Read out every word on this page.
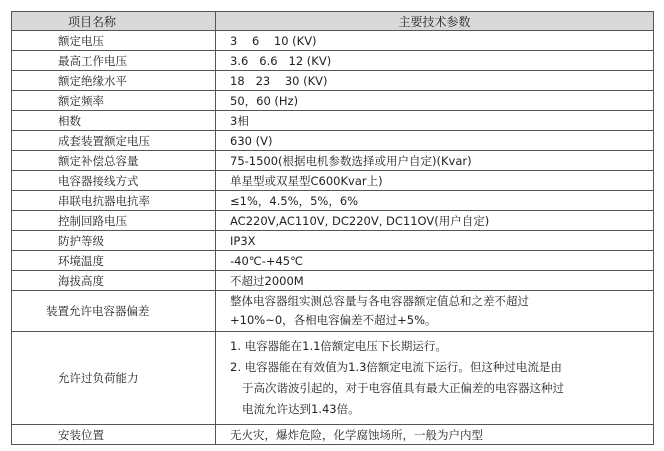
项目名称	主要技术参数
额定电压	3    6    10 (KV)
最高工作电压	3.6   6.6   12 (KV)
额定绝缘水平	18   23    30 (KV)
额定频率	50，60 (Hz)
相数	3相
成套装置额定电压	630 (V)
额定补偿总容量	75-1500(根据电机参数选择或用户自定)(Kvar)
电容器接线方式	单星型或双星型C600Kvar上)
串联电抗器电抗率	≤1%，4.5%，5%，6%
控制回路电压	AC220V,AC110V, DC220V, DC11OV(用户自定)
防护等级	IP3X
环境温度	-40℃-+45℃
海拔高度	不超过2000M
装置允许电容器偏差	整体电容器组实测总容量与各电容器额定值总和之差不超过
+10%~0，各相电容偏差不超过+5%。

允许过负荷能力	1. 电容器能在1.1倍额定电压下长期运行。
2. 电容器能在有效值为1.3倍额定电流下运行。但这种过电流是由
于高次谐波引起的，对于电容值具有最大正偏差的电容器这种过
电流允许达到1.43倍。

安装位置	无火灾，爆炸危险，化学腐蚀场所，一般为户内型
